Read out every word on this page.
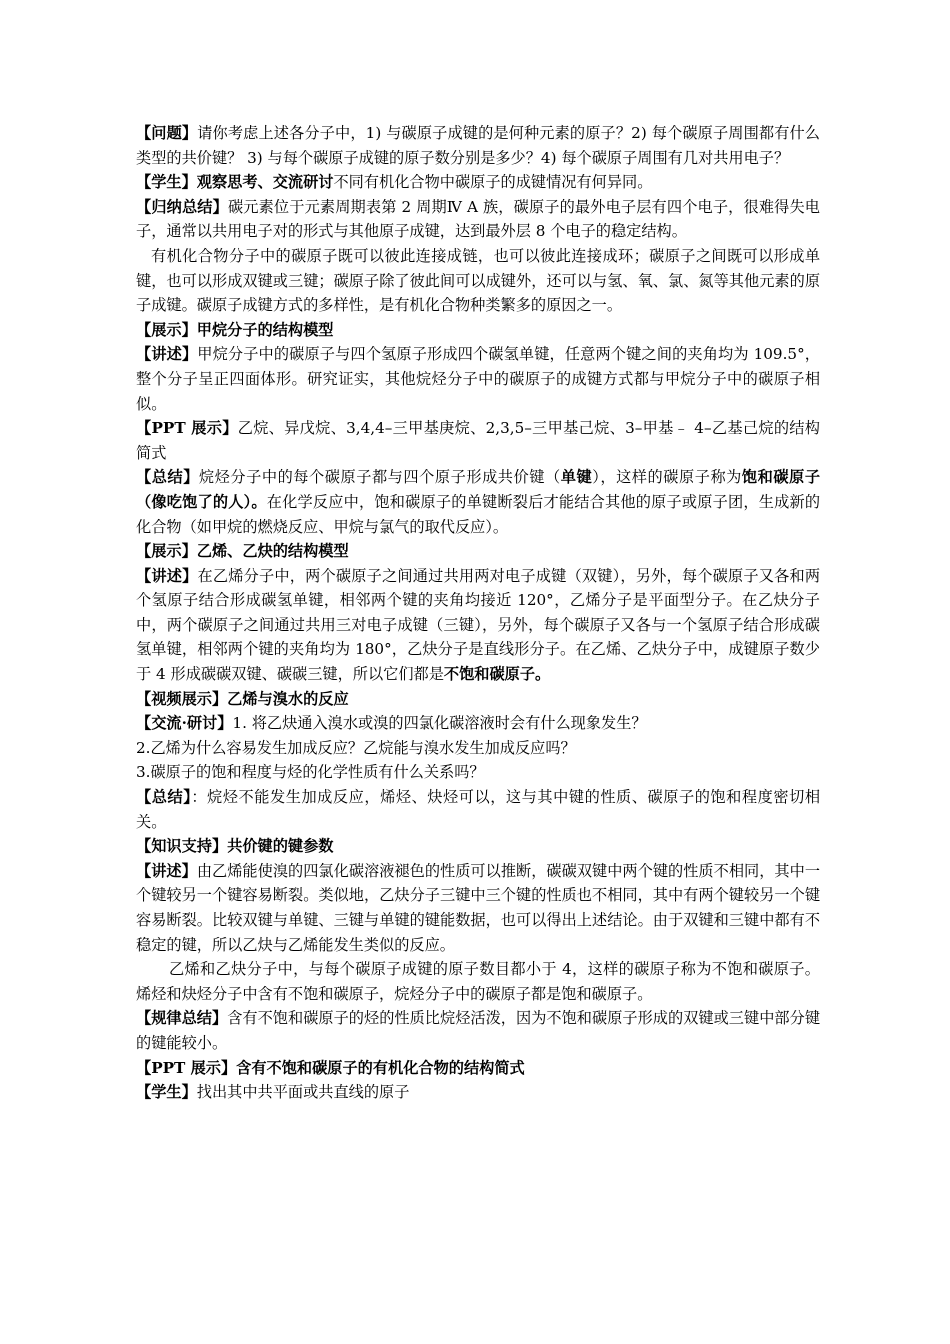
【问题】请你考虑上述各分子中，1) 与碳原子成键的是何种元素的原子？2) 每个碳原子周围都有什么类型的共价键？ 3) 与每个碳原子成键的原子数分别是多少？4) 每个碳原子周围有几对共用电子？

【学生】观察思考、交流研讨不同有机化合物中碳原子的成键情况有何异同。

【归纳总结】碳元素位于元素周期表第 2 周期Ⅳ A 族，碳原子的最外电子层有四个电子，很难得失电子，通常以共用电子对的形式与其他原子成键，达到最外层 8 个电子的稳定结构。

有机化合物分子中的碳原子既可以彼此连接成链，也可以彼此连接成环；碳原子之间既可以形成单键，也可以形成双键或三键；碳原子除了彼此间可以成键外，还可以与氢、氧、氯、氮等其他元素的原子成键。碳原子成键方式的多样性，是有机化合物种类繁多的原因之一。

【展示】甲烷分子的结构模型

【讲述】甲烷分子中的碳原子与四个氢原子形成四个碳氢单键，任意两个键之间的夹角均为 109.5°，整个分子呈正四面体形。研究证实，其他烷烃分子中的碳原子的成键方式都与甲烷分子中的碳原子相似。

【PPT 展示】乙烷、异戊烷、3,4,4–三甲基庚烷、2,3,5–三甲基己烷、3–甲基﹣ 4–乙基己烷的结构简式

【总结】烷烃分子中的每个碳原子都与四个原子形成共价键（单键），这样的碳原子称为饱和碳原子（像吃饱了的人）。在化学反应中，饱和碳原子的单键断裂后才能结合其他的原子或原子团，生成新的化合物（如甲烷的燃烧反应、甲烷与氯气的取代反应）。

【展示】乙烯、乙炔的结构模型

【讲述】在乙烯分子中，两个碳原子之间通过共用两对电子成键（双键），另外，每个碳原子又各和两个氢原子结合形成碳氢单键，相邻两个键的夹角均接近 120°，乙烯分子是平面型分子。在乙炔分子中，两个碳原子之间通过共用三对电子成键（三键），另外，每个碳原子又各与一个氢原子结合形成碳氢单键，相邻两个键的夹角均为 180°，乙炔分子是直线形分子。在乙烯、乙炔分子中，成键原子数少于 4 形成碳碳双键、碳碳三键，所以它们都是不饱和碳原子。

【视频展示】乙烯与溴水的反应

【交流·研讨】1. 将乙炔通入溴水或溴的四氯化碳溶液时会有什么现象发生？

2.乙烯为什么容易发生加成反应？乙烷能与溴水发生加成反应吗？

3.碳原子的饱和程度与烃的化学性质有什么关系吗？

【总结】：烷烃不能发生加成反应，烯烃、炔烃可以，这与其中键的性质、碳原子的饱和程度密切相关。

【知识支持】共价键的键参数

【讲述】由乙烯能使溴的四氯化碳溶液褪色的性质可以推断，碳碳双键中两个键的性质不相同，其中一个键较另一个键容易断裂。类似地，乙炔分子三键中三个键的性质也不相同，其中有两个键较另一个键容易断裂。比较双键与单键、三键与单键的键能数据，也可以得出上述结论。由于双键和三键中都有不稳定的键，所以乙炔与乙烯能发生类似的反应。

乙烯和乙炔分子中，与每个碳原子成键的原子数目都小于 4，这样的碳原子称为不饱和碳原子。烯烃和炔烃分子中含有不饱和碳原子，烷烃分子中的碳原子都是饱和碳原子。

【规律总结】含有不饱和碳原子的烃的性质比烷烃活泼，因为不饱和碳原子形成的双键或三键中部分键的键能较小。

【PPT 展示】含有不饱和碳原子的有机化合物的结构简式

【学生】找出其中共平面或共直线的原子
